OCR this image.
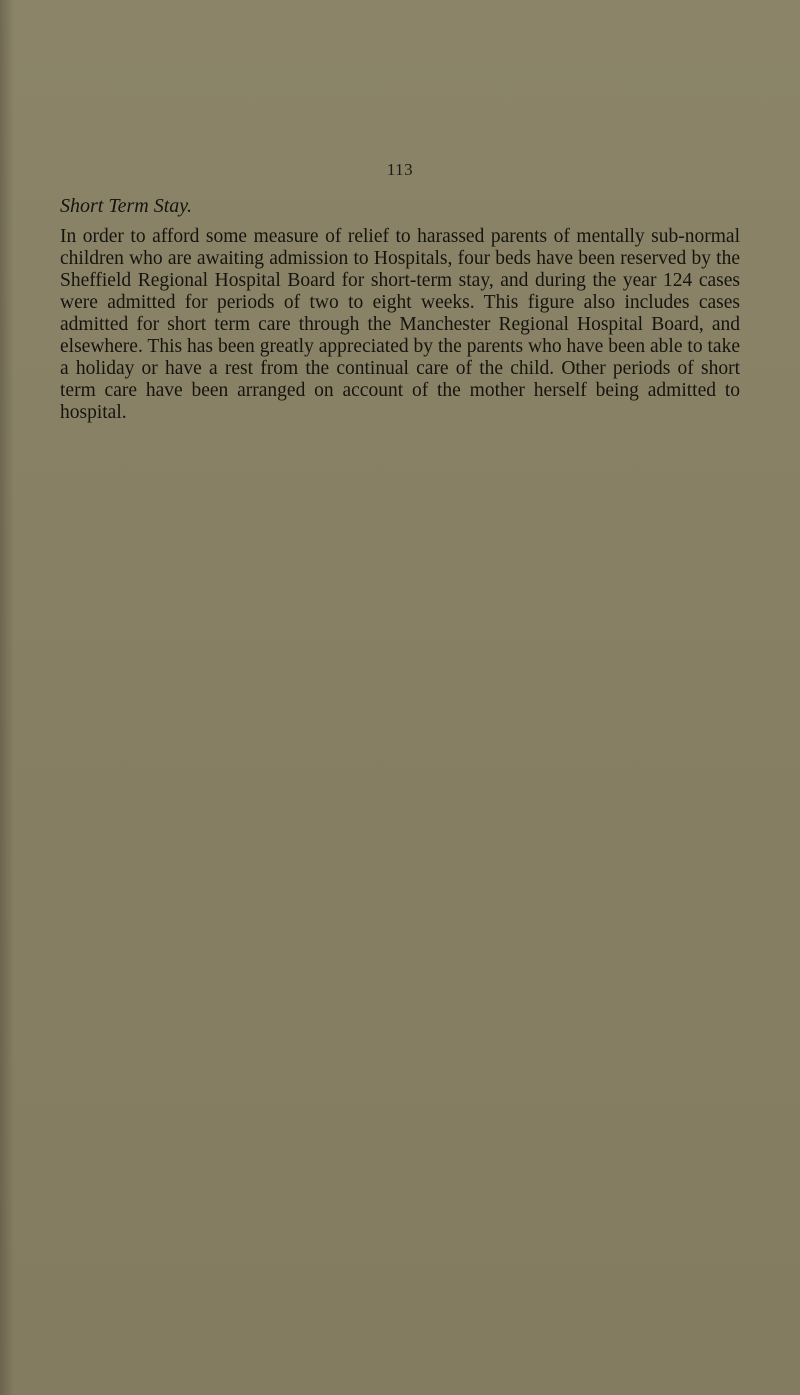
113
Short Term Stay.

In order to afford some measure of relief to harassed parents of mentally sub-normal children who are awaiting admission to Hospitals, four beds have been reserved by the Sheffield Regional Hospital Board for short-term stay, and during the year 124 cases were admitted for periods of two to eight weeks. This figure also includes cases admitted for short term care through the Manchester Regional Hospital Board, and elsewhere. This has been greatly appreciated by the parents who have been able to take a holiday or have a rest from the continual care of the child. Other periods of short term care have been arranged on account of the mother herself being admitted to hospital.
